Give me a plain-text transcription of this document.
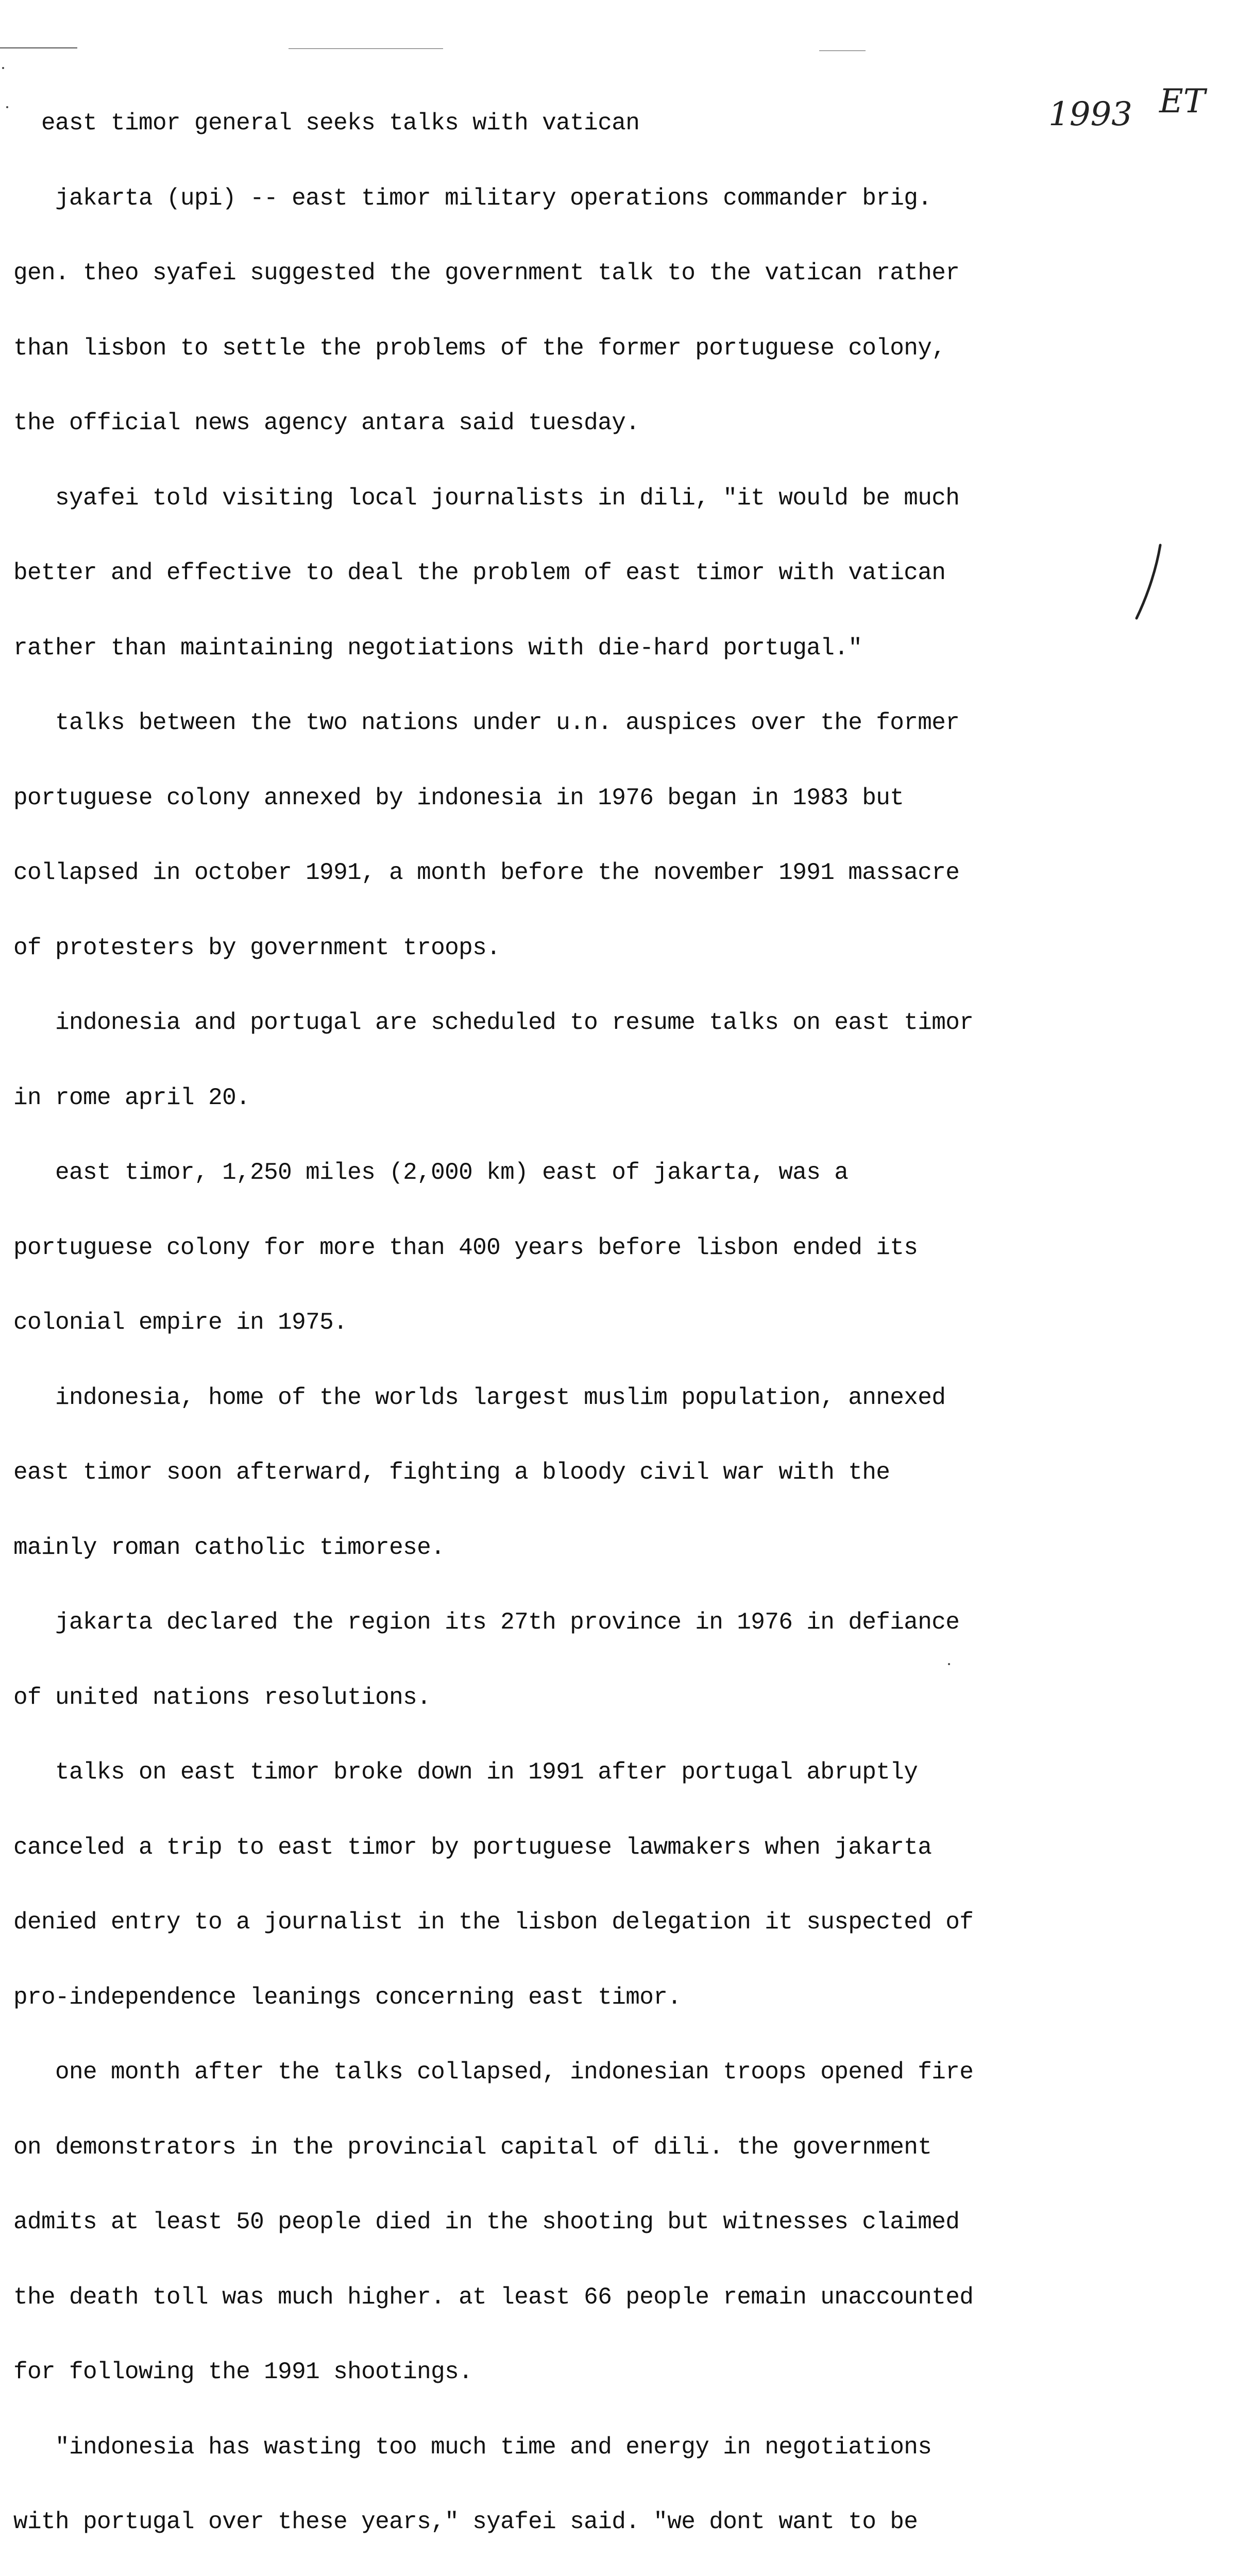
east timor general seeks talks with vatican

jakarta (upi) -- east timor military operations commander brig.

gen. theo syafei suggested the government talk to the vatican rather

than lisbon to settle the problems of the former portuguese colony,

the official news agency antara said tuesday.

syafei told visiting local journalists in dili, "it would be much

better and effective to deal the problem of east timor with vatican

rather than maintaining negotiations with die-hard portugal."

talks between the two nations under u.n. auspices over the former

portuguese colony annexed by indonesia in 1976 began in 1983 but

collapsed in october 1991, a month before the november 1991 massacre

of protesters by government troops.

indonesia and portugal are scheduled to resume talks on east timor

in rome april 20.

east timor, 1,250 miles (2,000 km) east of jakarta, was a

portuguese colony for more than 400 years before lisbon ended its

colonial empire in 1975.

indonesia, home of the worlds largest muslim population, annexed

east timor soon afterward, fighting a bloody civil war with the

mainly roman catholic timorese.

jakarta declared the region its 27th province in 1976 in defiance

of united nations resolutions.

talks on east timor broke down in 1991 after portugal abruptly

canceled a trip to east timor by portuguese lawmakers when jakarta

denied entry to a journalist in the lisbon delegation it suspected of

pro-independence leanings concerning east timor.

one month after the talks collapsed, indonesian troops opened fire

on demonstrators in the provincial capital of dili. the government

admits at least 50 people died in the shooting but witnesses claimed

the death toll was much higher. at least 66 people remain unaccounted

for following the 1991 shootings.

"indonesia has wasting too much time and energy in negotiations

with portugal over these years," syafei said. "we dont want to be

1993 ET
